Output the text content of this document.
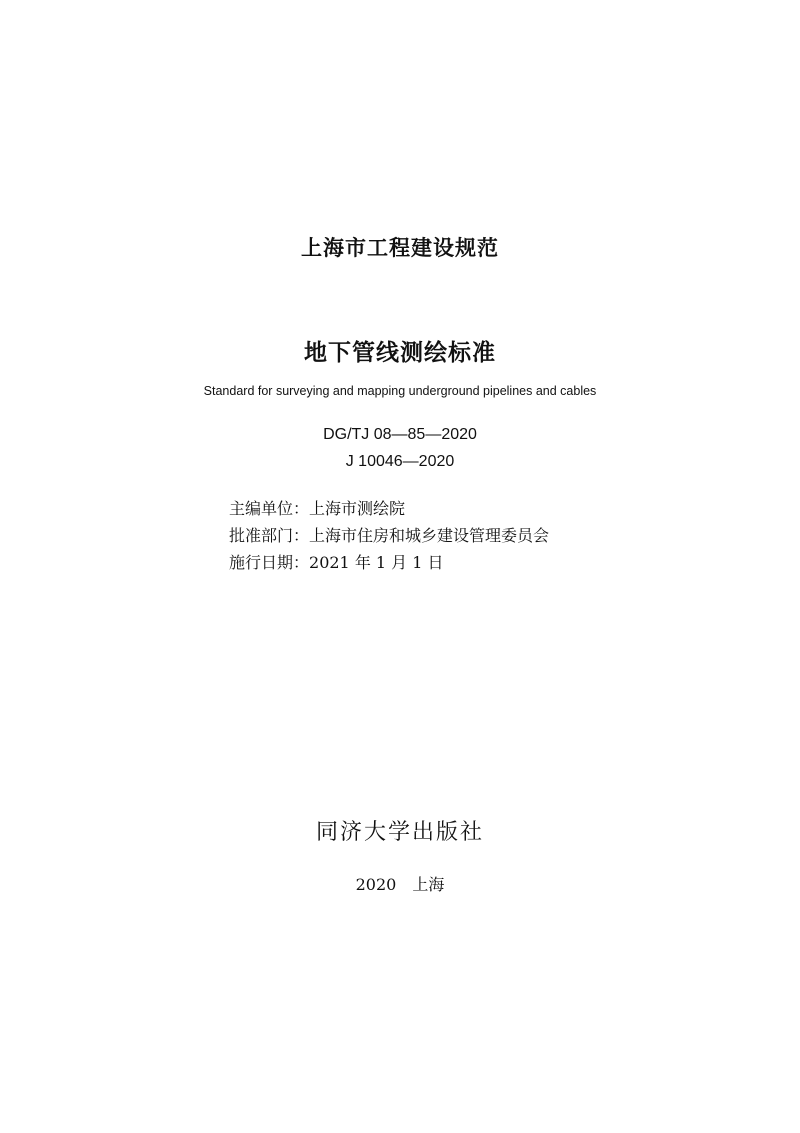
上海市工程建设规范
地下管线测绘标准
Standard for surveying and mapping underground pipelines and cables
DG/TJ 08—85—2020
J 10046—2020
主编单位：上海市测绘院
批准部门：上海市住房和城乡建设管理委员会
施行日期：2021 年 1 月 1 日
同济大学出版社
2020 上海
